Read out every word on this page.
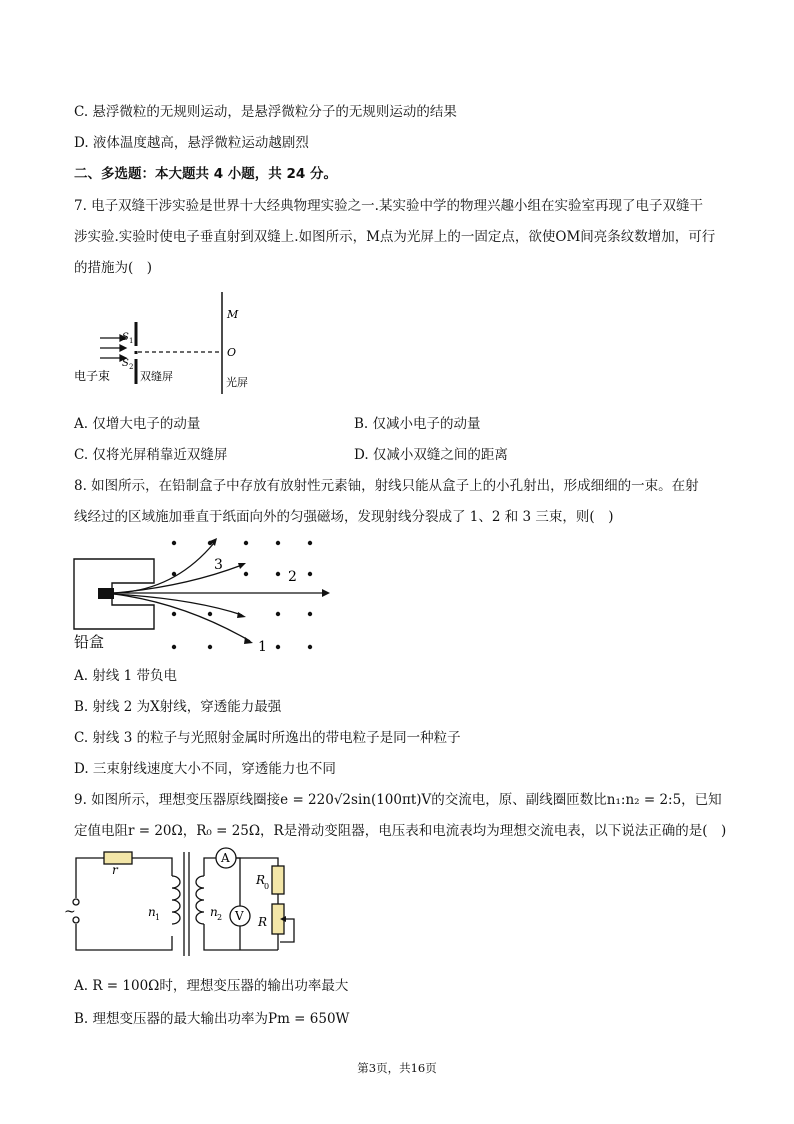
C. 悬浮微粒的无规则运动，是悬浮微粒分子的无规则运动的结果
D. 液体温度越高，悬浮微粒运动越剧烈
二、多选题：本大题共 4 小题，共 24 分。
7. 电子双缝干涉实验是世界十大经典物理实验之一.某实验中学的物理兴趣小组在实验室再现了电子双缝干
涉实验.实验时使电子垂直射到双缝上.如图所示，M点为光屏上的一固定点，欲使OM间亮条纹数增加，可行
的措施为(　)
S 1
S 2
M
O
电子束	双缝屏	光屏
A. 仅增大电子的动量	B. 仅减小电子的动量
C. 仅将光屏稍靠近双缝屏	D. 仅减小双缝之间的距离
8. 如图所示，在铅制盒子中存放有放射性元素铀，射线只能从盒子上的小孔射出，形成细细的一束。在射
线经过的区域施加垂直于纸面向外的匀强磁场，发现射线分裂成了 1、2 和 3 三束，则(　)
3
2
1
铅盒
A. 射线 1 带负电
B. 射线 2 为X射线，穿透能力最强
C. 射线 3 的粒子与光照射金属时所逸出的带电粒子是同一种粒子
D. 三束射线速度大小不同，穿透能力也不同
9. 如图所示，理想变压器原线圈接e = 220√2sin(100πt)V的交流电，原、副线圈匝数比n₁:n₂ = 2:5，已知
定值电阻r = 20Ω，R₀ = 25Ω，R是滑动变阻器，电压表和电流表均为理想交流电表，以下说法正确的是(　)
r
~	n 1	n 2
A
V
R
0
R
A. R = 100Ω时，理想变压器的输出功率最大
B. 理想变压器的最大输出功率为Pm = 650W
第3页，共16页
